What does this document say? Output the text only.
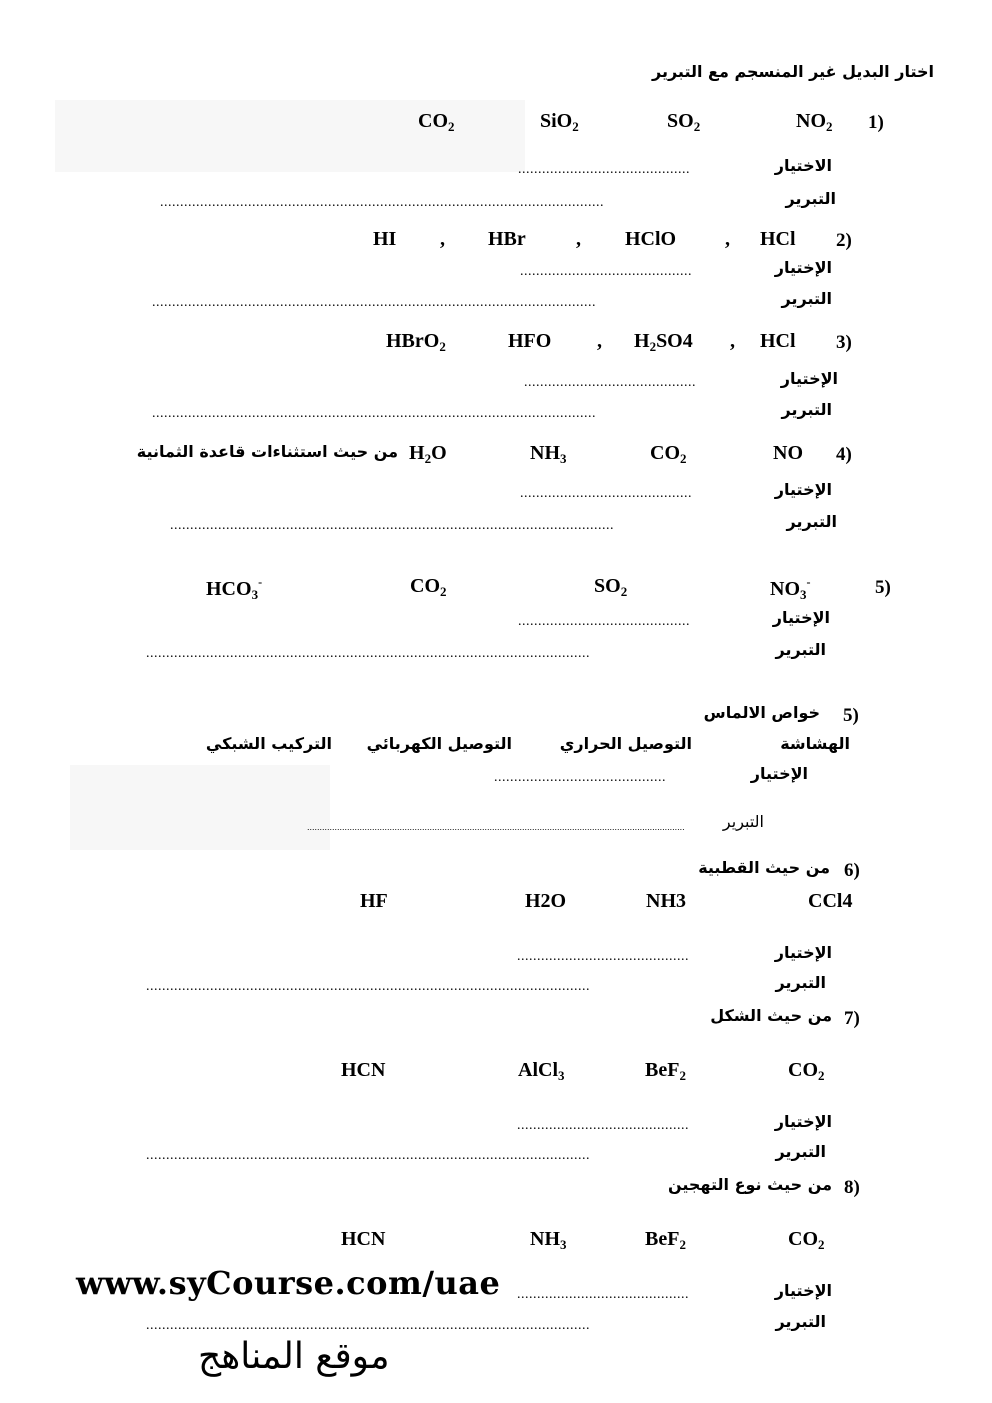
اختار البديل غير المنسجم مع التبرير
1)
$NO_2$
$SO_2$
SiO$_2$
$CO_2$
الاختيار
...........................................
التبرير
...............................................................................................................
2)
HCl
,
HClO
,
HBr
,
HI
الإختيار
...........................................
التبرير
...............................................................................................................
3)
HCl
,
$H_2SO4$
,
HFO
HBrO$_2$
الإختيار
...........................................
التبرير
...............................................................................................................
4)
NO
$CO_2$
$NH_3$
$H_2O$
من حيث استثناءات قاعدة الثمانية
الإختيار
...........................................
التبرير
...............................................................................................................
5)
$NO_3^-$
$SO_2$
$CO_2$
$HCO_3^-$
الإختيار
...........................................
التبرير
...............................................................................................................
5)
خواص الالماس
الهشاشة
التوصيل الحراري
التوصيل الكهربائي
التركيب الشبكي
الإختيار
...........................................
التبرير
.......................................................................................................................................................
6)
من حيث القطبية
CCl4
NH3
H2O
HF
الإختيار
...........................................
التبرير
...............................................................................................................
7)
من حيث الشكل
$CO_2$
BeF$_2$
AlCl$_3$
HCN
الإختيار
...........................................
التبرير
...............................................................................................................
8)
من حيث نوع التهجين
$CO_2$
BeF$_2$
$NH_3$
HCN
الإختيار
...........................................
التبرير
...............................................................................................................
www.syCourse.com/uae
موقع المناهج
